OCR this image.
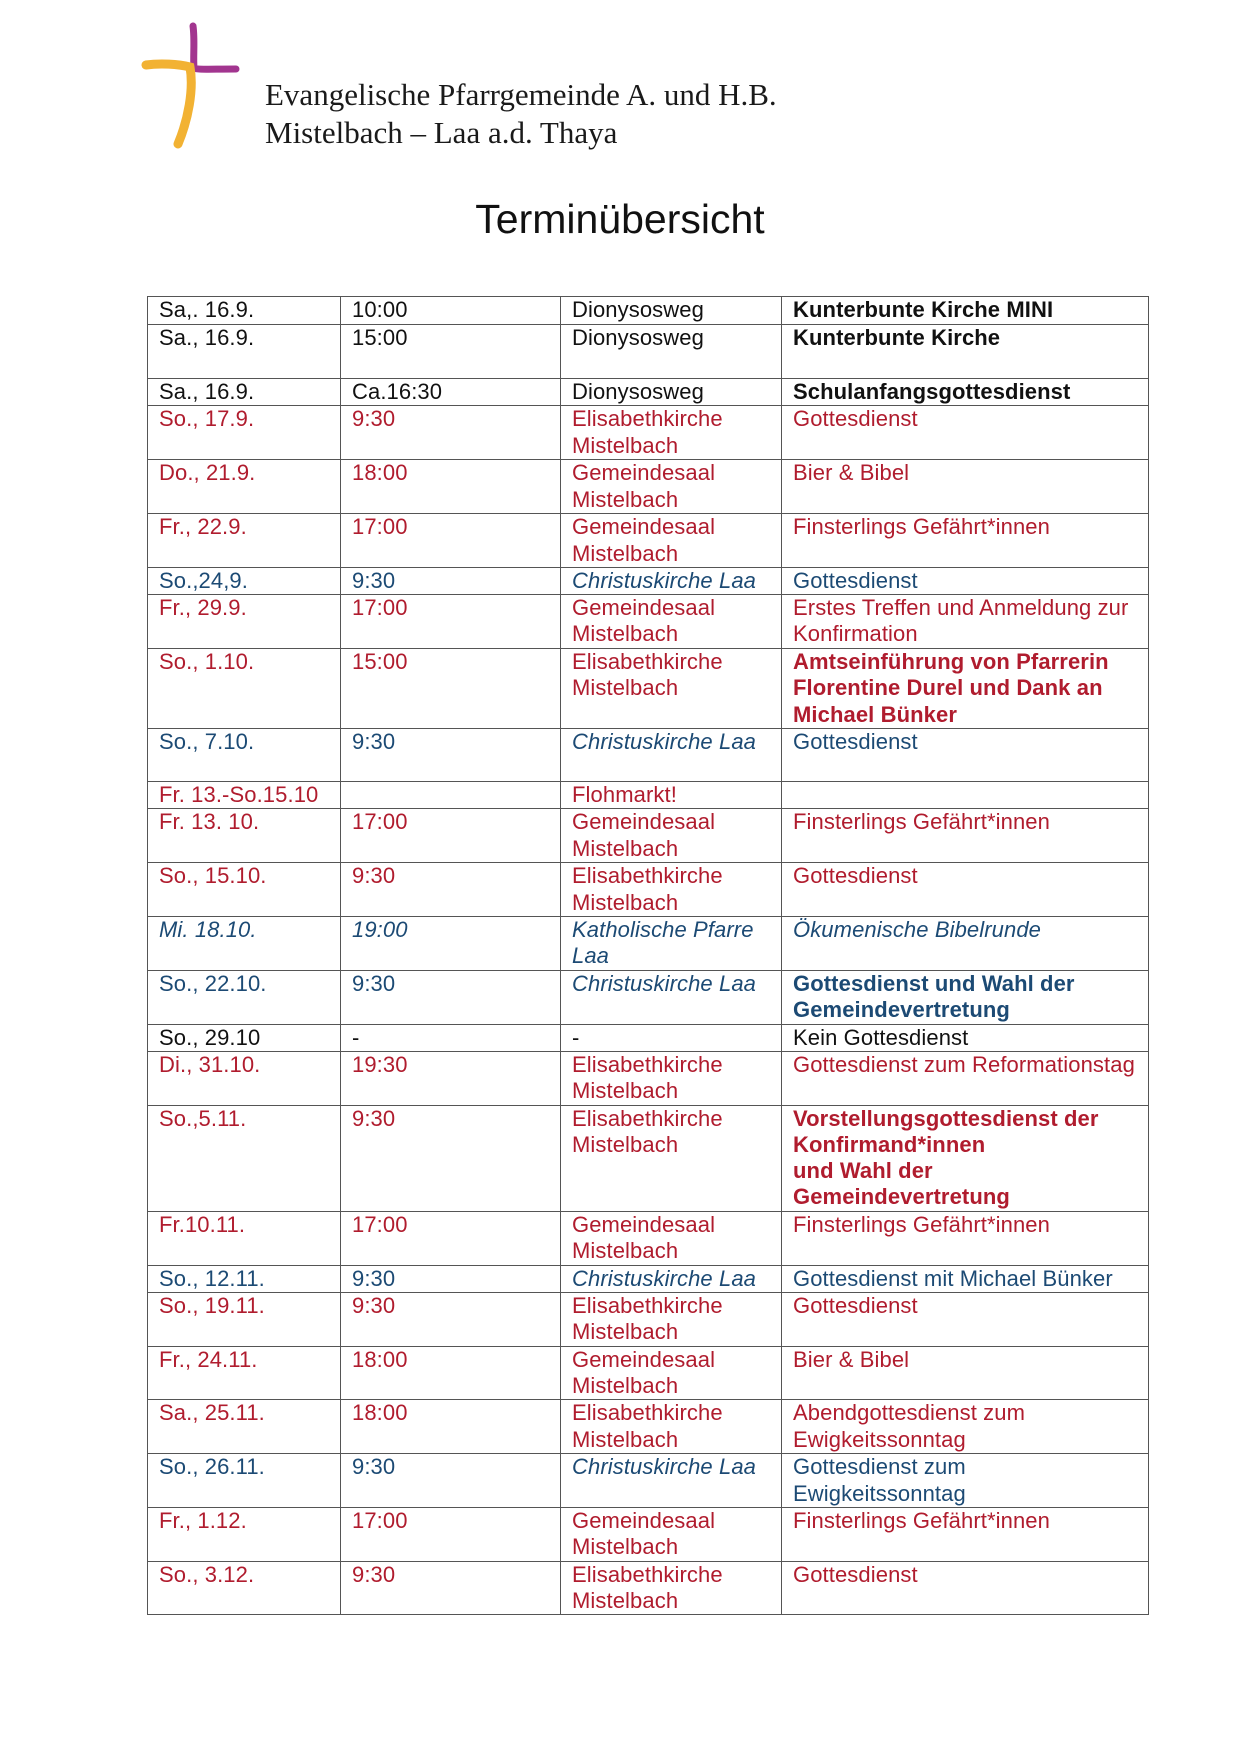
Evangelische Pfarrgemeinde A. und H.B.
Mistelbach – Laa a.d. Thaya
Terminübersicht
Sa,. 16.9.	10:00	Dionysosweg	Kunterbunte Kirche MINI
Sa., 16.9.	15:00	Dionysosweg	Kunterbunte Kirche
Sa., 16.9.	Ca.16:30	Dionysosweg	Schulanfangsgottesdienst
So., 17.9.	9:30	Elisabethkirche Mistelbach	Gottesdienst
Do., 21.9.	18:00	Gemeindesaal Mistelbach	Bier & Bibel
Fr., 22.9.	17:00	Gemeindesaal Mistelbach	Finsterlings Gefährt*innen
So.,24,9.	9:30	Christuskirche Laa	Gottesdienst
Fr., 29.9.	17:00	Gemeindesaal Mistelbach	Erstes Treffen und Anmeldung zur Konfirmation
So., 1.10.	15:00	Elisabethkirche Mistelbach	Amtseinführung von Pfarrerin Florentine Durel und Dank an Michael Bünker
So., 7.10.	9:30	Christuskirche Laa	Gottesdienst
Fr. 13.-So.15.10		Flohmarkt!	
Fr. 13. 10.	17:00	Gemeindesaal Mistelbach	Finsterlings Gefährt*innen
So., 15.10.	9:30	Elisabethkirche Mistelbach	Gottesdienst
Mi. 18.10.	19:00	Katholische Pfarre Laa	Ökumenische Bibelrunde
So., 22.10.	9:30	Christuskirche Laa	Gottesdienst und Wahl der Gemeindevertretung
So., 29.10	-	-	Kein Gottesdienst
Di., 31.10.	19:30	Elisabethkirche Mistelbach	Gottesdienst zum Reformationstag
So.,5.11.	9:30	Elisabethkirche Mistelbach	Vorstellungsgottesdienst der Konfirmand*innen
und Wahl der Gemeindevertretung

Fr.10.11.	17:00	Gemeindesaal Mistelbach	Finsterlings Gefährt*innen
So., 12.11.	9:30	Christuskirche Laa	Gottesdienst mit Michael Bünker
So., 19.11.	9:30	Elisabethkirche Mistelbach	Gottesdienst
Fr., 24.11.	18:00	Gemeindesaal Mistelbach	Bier & Bibel
Sa., 25.11.	18:00	Elisabethkirche Mistelbach	Abendgottesdienst zum Ewigkeitssonntag
So., 26.11.	9:30	Christuskirche Laa	Gottesdienst zum Ewigkeitssonntag
Fr., 1.12.	17:00	Gemeindesaal Mistelbach	Finsterlings Gefährt*innen
So., 3.12.	9:30	Elisabethkirche Mistelbach	Gottesdienst
